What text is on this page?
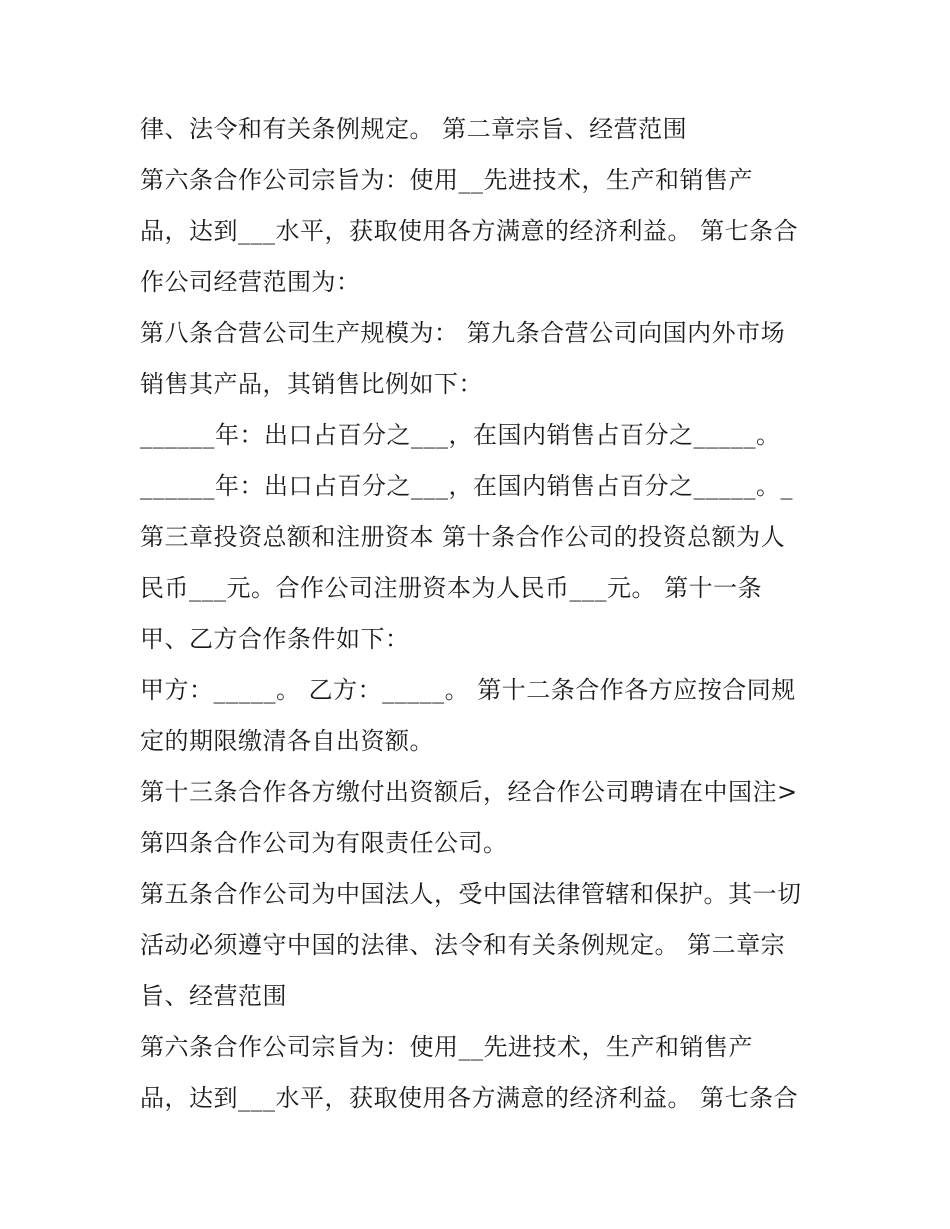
律、法令和有关条例规定。 第二章宗旨、经营范围
第六条合作公司宗旨为：使用__先进技术，生产和销售产
品，达到___水平，获取使用各方满意的经济利益。 第七条合
作公司经营范围为：
第八条合营公司生产规模为： 第九条合营公司向国内外市场
销售其产品，其销售比例如下：
______年：出口占百分之___，在国内销售占百分之_____。
______年：出口占百分之___，在国内销售占百分之_____。_
第三章投资总额和注册资本 第十条合作公司的投资总额为人
民币___元。合作公司注册资本为人民币___元。 第十一条
甲、乙方合作条件如下：
甲方：_____。 乙方：_____。 第十二条合作各方应按合同规
定的期限缴清各自出资额。
第十三条合作各方缴付出资额后，经合作公司聘请在中国注>
第四条合作公司为有限责任公司。
第五条合作公司为中国法人，受中国法律管辖和保护。其一切
活动必须遵守中国的法律、法令和有关条例规定。 第二章宗
旨、经营范围
第六条合作公司宗旨为：使用__先进技术，生产和销售产
品，达到___水平，获取使用各方满意的经济利益。 第七条合
